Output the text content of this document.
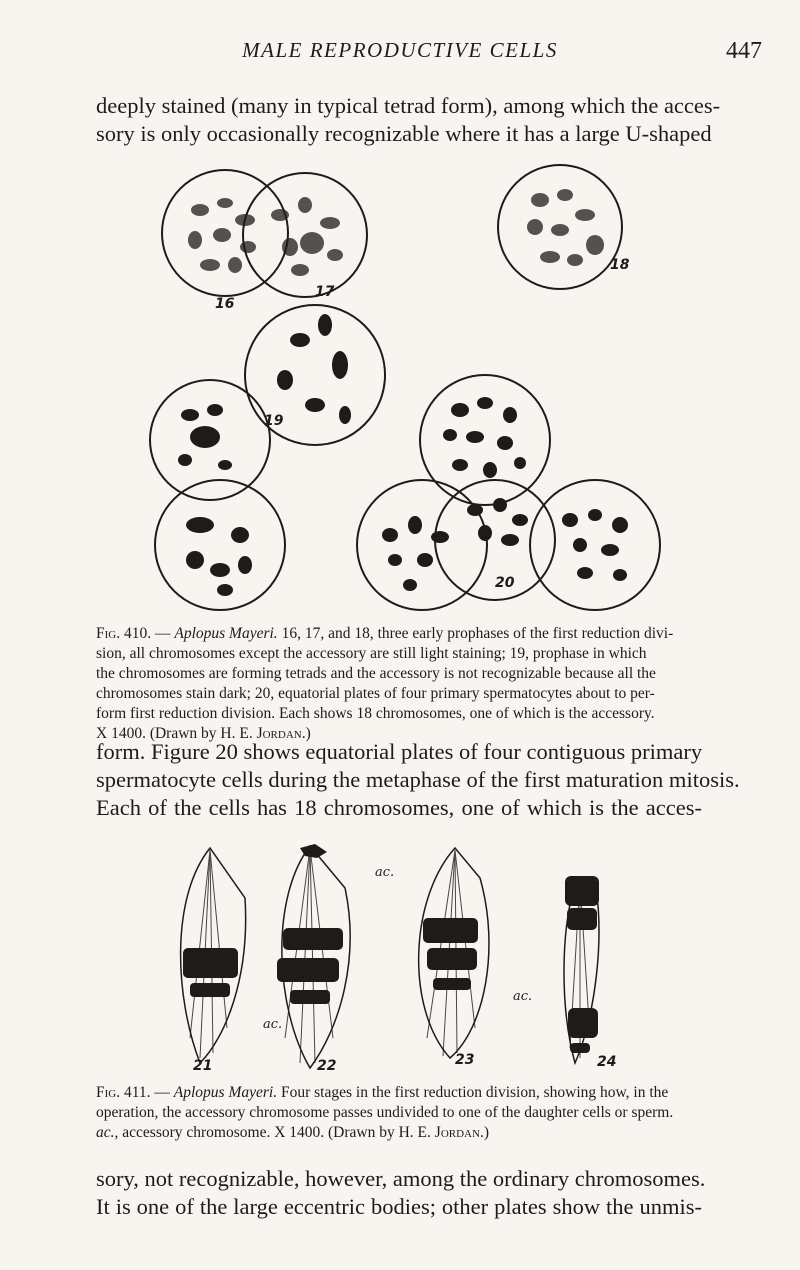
MALE REPRODUCTIVE CELLS	447
deeply stained (many in typical tetrad form), among which the acces-
sory is only occasionally recognizable where it has a large U-shaped
16
17
18
19
20
Fig. 410. — Aplopus Mayeri. 16, 17, and 18, three early prophases of the first reduction divi-
sion, all chromosomes except the accessory are still light staining; 19, prophase in which
the chromosomes are forming tetrads and the accessory is not recognizable because all the
chromosomes stain dark; 20, equatorial plates of four primary spermatocytes about to per-
form first reduction division. Each shows 18 chromosomes, one of which is the accessory.
X 1400. (Drawn by H. E. Jordan.)
form. Figure 20 shows equatorial plates of four contiguous primary
spermatocyte cells during the metaphase of the first maturation mitosis.
Each of the cells has 18 chromosomes, one of which is the acces-
21	22	23	24
ac.
ac.
ac.
Fig. 411. — Aplopus Mayeri. Four stages in the first reduction division, showing how, in the
operation, the accessory chromosome passes undivided to one of the daughter cells or sperm.
ac., accessory chromosome. X 1400. (Drawn by H. E. Jordan.)
sory, not recognizable, however, among the ordinary chromosomes.
It is one of the large eccentric bodies; other plates show the unmis-
